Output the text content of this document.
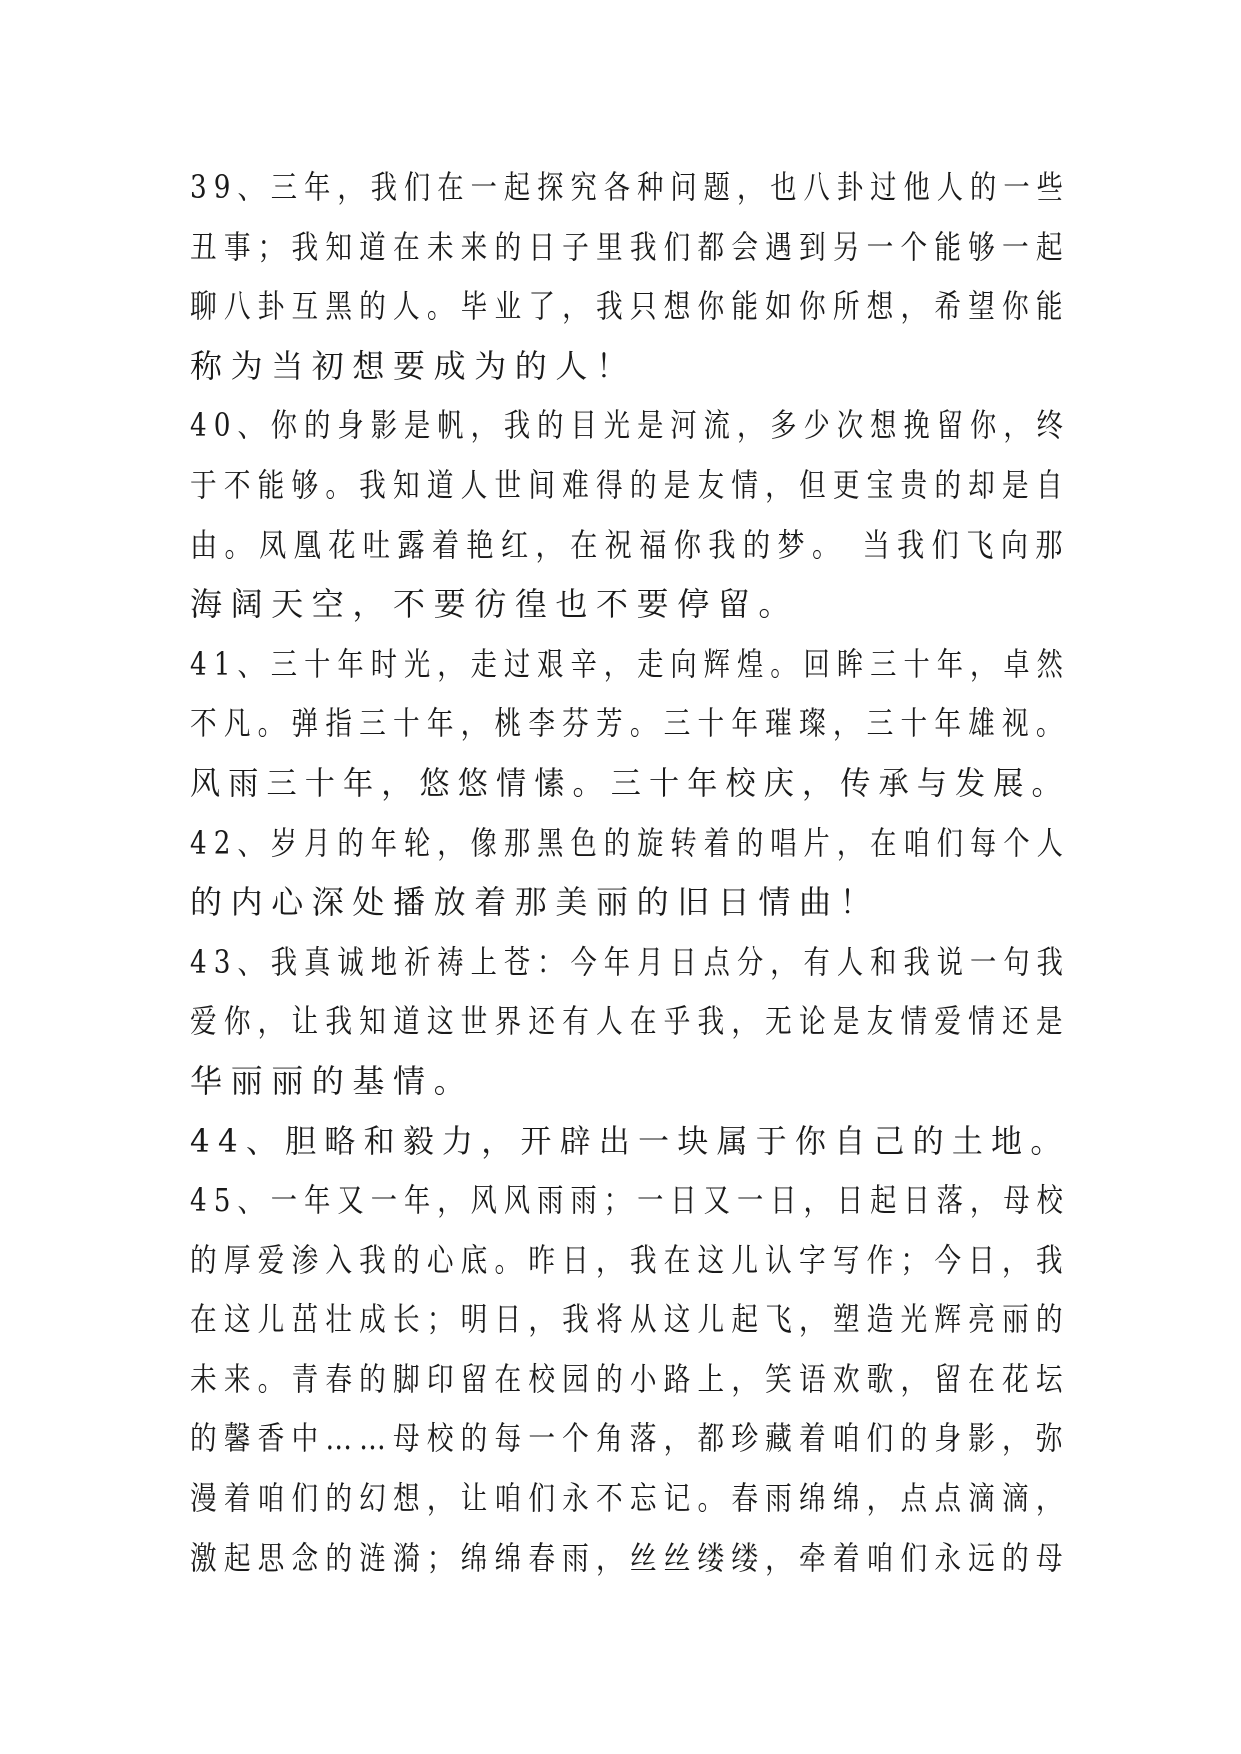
39、三年，我们在一起探究各种问题，也八卦过他人的一些
丑事；我知道在未来的日子里我们都会遇到另一个能够一起
聊八卦互黑的人。毕业了，我只想你能如你所想，希望你能
称为当初想要成为的人！
40、你的身影是帆，我的目光是河流，多少次想挽留你，终
于不能够。我知道人世间难得的是友情，但更宝贵的却是自
由。凤凰花吐露着艳红，在祝福你我的梦。 当我们飞向那
海阔天空，不要彷徨也不要停留。
41、三十年时光，走过艰辛，走向辉煌。回眸三十年，卓然
不凡。弹指三十年，桃李芬芳。三十年璀璨，三十年雄视。
风雨三十年，悠悠情愫。三十年校庆，传承与发展。
42、岁月的年轮，像那黑色的旋转着的唱片，在咱们每个人
的内心深处播放着那美丽的旧日情曲！
43、我真诚地祈祷上苍：今年月日点分，有人和我说一句我
爱你，让我知道这世界还有人在乎我，无论是友情爱情还是
华丽丽的基情。
44、胆略和毅力，开辟出一块属于你自己的土地。
45、一年又一年，风风雨雨；一日又一日，日起日落，母校
的厚爱渗入我的心底。昨日，我在这儿认字写作；今日，我
在这儿茁壮成长；明日，我将从这儿起飞，塑造光辉亮丽的
未来。青春的脚印留在校园的小路上，笑语欢歌，留在花坛
的馨香中……母校的每一个角落，都珍藏着咱们的身影，弥
漫着咱们的幻想，让咱们永不忘记。春雨绵绵，点点滴滴，
激起思念的涟漪；绵绵春雨，丝丝缕缕，牵着咱们永远的母
